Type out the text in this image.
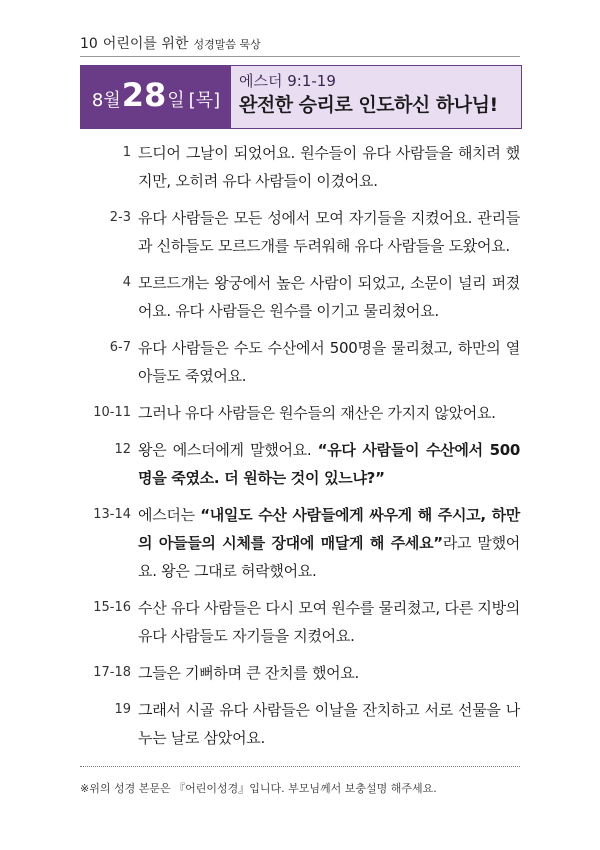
10 어린이를 위한 성경말씀 묵상
8 월 28 일 [목]
에스더 9:1-19
완전한 승리로 인도하신 하나님!
1 드디어 그날이 되었어요. 원수들이 유다 사람들을 해치려 했지만, 오히려 유다 사람들이 이겼어요.
2-3 유다 사람들은 모든 성에서 모여 자기들을 지켰어요. 관리들과 신하들도 모르드개를 두려워해 유다 사람들을 도왔어요.
4 모르드개는 왕궁에서 높은 사람이 되었고, 소문이 널리 퍼졌어요. 유다 사람들은 원수를 이기고 물리쳤어요.
6-7 유다 사람들은 수도 수산에서 500명을 물리쳤고, 하만의 열 아들도 죽였어요.
10-11 그러나 유다 사람들은 원수들의 재산은 가지지 않았어요.
12 왕은 에스더에게 말했어요. “유다 사람들이 수산에서 500명을 죽였소. 더 원하는 것이 있느냐?”
13-14 에스더는 “내일도 수산 사람들에게 싸우게 해 주시고, 하만의 아들들의 시체를 장대에 매달게 해 주세요”라고 말했어요. 왕은 그대로 허락했어요.
15-16 수산 유다 사람들은 다시 모여 원수를 물리쳤고, 다른 지방의 유다 사람들도 자기들을 지켰어요.
17-18 그들은 기뻐하며 큰 잔치를 했어요.
19 그래서 시골 유다 사람들은 이날을 잔치하고 서로 선물을 나누는 날로 삼았어요.
※위의 성경 본문은 『어린이성경』입니다. 부모님께서 보충설명 해주세요.
